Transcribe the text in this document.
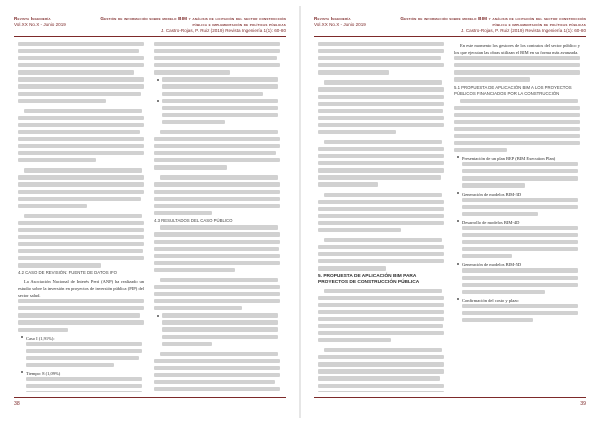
Revista Ingeniería
Vol.XX No.X - Junio 2019
Gestión de información sobre modelo BIM y análisis de licitación del sector construcción pública e implementación de políticas públicas
J. Castro-Rojas, P. Ruiz (2019) Revista Ingeniería 1(1): 60-80
4.2 CASO DE REVISIÓN: FUENTE DE DATOS IFO

La Asociación Nacional de Interés Perú (ANP) ha realizado un estudio sobre la inversión en proyectos de inversión pública (PIP) del sector salud.

Caso I (1,91%):

Tiempo: 8 (1,09%)

4.3 RESULTADOS DEL CASO PÚBLICO
38
Revista Ingeniería
Vol.XX No.X - Junio 2019
Gestión de información sobre modelo BIM y análisis de licitación del sector construcción pública e implementación de políticas públicas
J. Castro-Rojas, P. Ruiz (2019) Revista Ingeniería 1(1): 60-80
5. PROPUESTA DE APLICACIÓN BIM PARA PROYECTOS DE CONSTRUCCIÓN PÚBLICA

En este momento los gestores de los contratos del sector público y los que ejecutan las obras utilizan el BIM en su forma más avanzada.

5.1 PROPUESTA DE APLICACIÓN BIM A LOS PROYECTOS PÚBLICOS FINANCIADOS POR LA CONSTRUCCIÓN

Presentación de un plan BEP (BIM Execution Plan)

Generación de modelos BIM-3D

Desarrollo de modelos BIM-4D

Generación de modelos BIM-5D

Confirmación del costo y plazo

39
